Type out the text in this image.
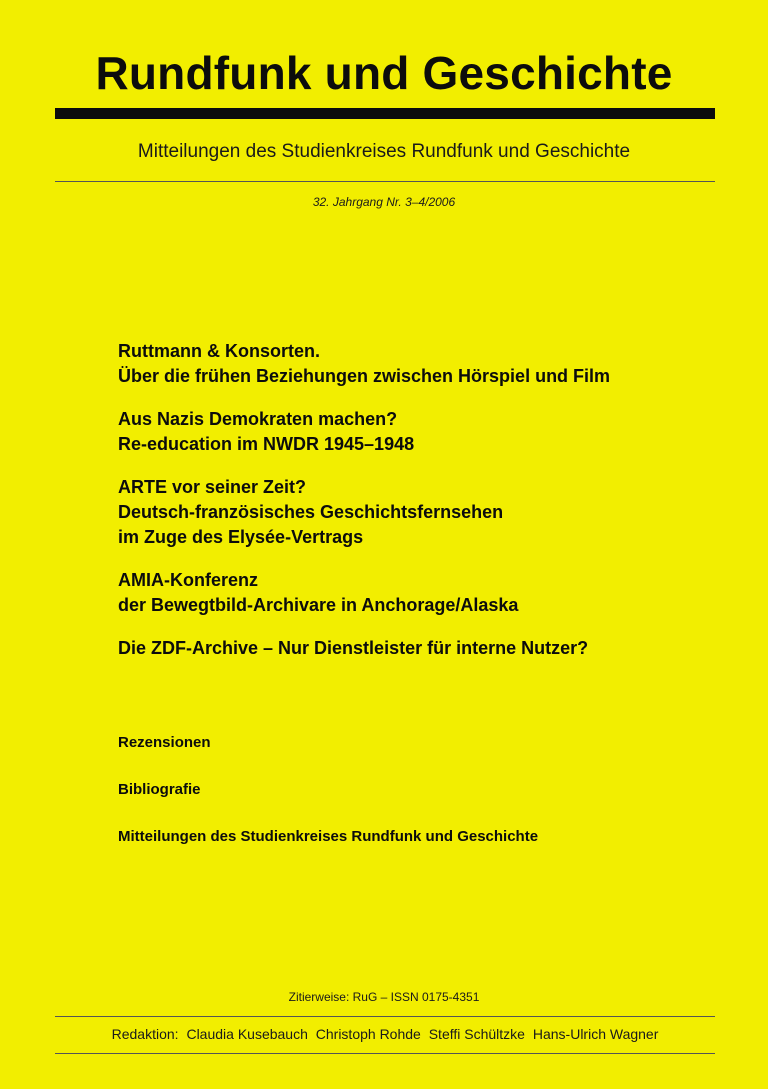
Rundfunk und Geschichte
Mitteilungen des Studienkreises Rundfunk und Geschichte
32. Jahrgang Nr. 3–4/2006
Ruttmann & Konsorten.
Über die frühen Beziehungen zwischen Hörspiel und Film
Aus Nazis Demokraten machen?
Re-education im NWDR 1945–1948
ARTE vor seiner Zeit?
Deutsch-französisches Geschichtsfernsehen
im Zuge des Elysée-Vertrags
AMIA-Konferenz
der Bewegtbild-Archivare in Anchorage/Alaska
Die ZDF-Archive – Nur Dienstleister für interne Nutzer?
Rezensionen
Bibliografie
Mitteilungen des Studienkreises Rundfunk und Geschichte
Zitierweise: RuG – ISSN 0175-4351
Redaktion: Claudia Kusebauch Christoph Rohde Steffi Schültzke Hans-Ulrich Wagner
